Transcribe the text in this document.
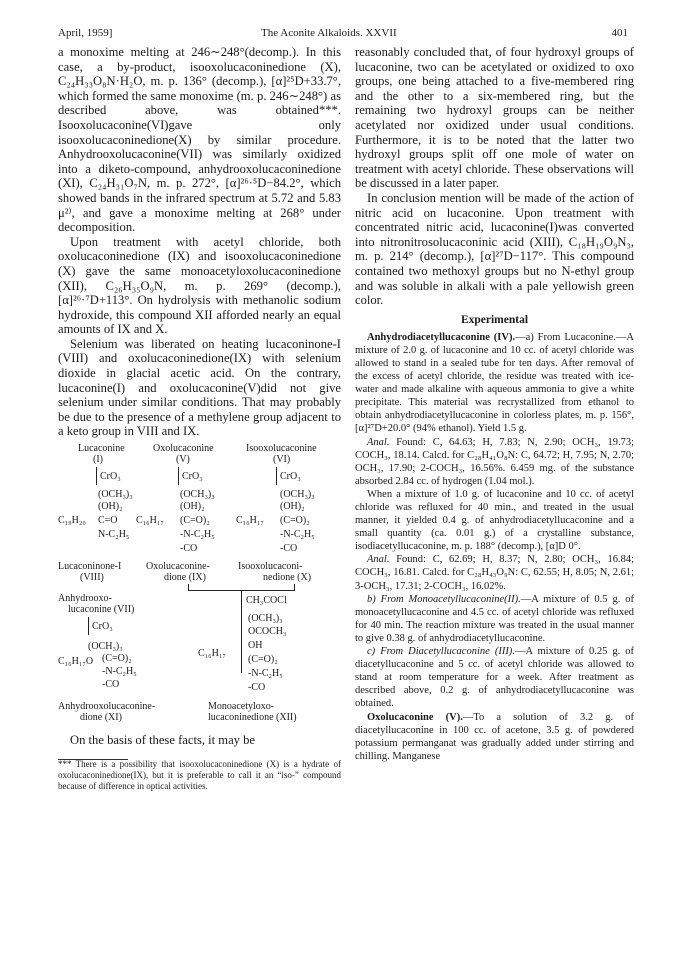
April, 1959]	The Aconite Alkaloids. XXVII	401

a monoxime melting at 246∼248°(decomp.). In this case, a by-product, isooxolucaconinedione (X), C₂₄H₃₃O₈N·H₂O, m. p. 136° (decomp.), [α]²⁵D+33.7°, which formed the same monoxime (m. p. 246∼248°) as described above, was obtained***. Isooxolucaconine(VI)gave only isooxolucaconinedione(X) by similar procedure. Anhydrooxolucaconine(VII) was similarly oxidized into a diketo-compound, anhydrooxolucaconinedione (XI), C₂₄H₃₁O₇N, m. p. 272°, [α]²⁶·⁵D−84.2°, which showed bands in the infrared spectrum at 5.72 and 5.83 μ²⁾, and gave a monoxime melting at 268° under decomposition.

Upon treatment with acetyl chloride, both oxolucaconinedione (IX) and isooxolucaconinedione (X) gave the same monoacetyloxolucaconinedione (XII), C₂₆H₃₅O₉N, m. p. 269° (decomp.), [α]²⁶·⁷D+113°. On hydrolysis with methanolic sodium hydroxide, this compound XII afforded nearly an equal amounts of IX and X.

Selenium was liberated on heating lucaconinone-I (VIII) and oxolucaconinedione(IX) with selenium dioxide in glacial acetic acid. On the contrary, lucaconine(I) and oxolucaconine(V)did not give selenium under similar conditions. That may probably be due to the presence of a methylene group adjacent to a keto group in VIII and IX.

Lucaconine
(I)
Oxolucaconine
(V)
Isooxolucaconine
(VI)
CrO₃	CrO₃	CrO₃
(OCH₃)₃
(OH)₂
C₁₉H₂₀ C=O
N-C₂H₅
(OCH₃)₃
(OH)₂
C₁₆H₁₇ (C=O)₂
-N-C₂H₅
-CO
(OCH₃)₃
(OH)₂
C₁₆H₁₇ (C=O)₂
-N-C₂H₅
-CO
Lucaconinone-I
(VIII)
Oxolucaconine-
dione (IX)
Isooxolucaconi-
nedione (X)
Anhydrooxo-
lucaconine (VII)
CH₃COCl
CrO₃
(OCH₃)₃
C₁₆H₁₇O (C=O)₂
-N-C₂H₅
-CO
(OCH₃)₃
OCOCH₃
C₁₆H₁₇
OH
(C=O)₂
-N-C₂H₅
-CO
Anhydrooxolucaconine-
dione (XI)
Monoacetyloxo-
lucaconinedione (XII)

On the basis of these facts, it may be

*** There is a possibility that isooxolucaconinedione (X) is a hydrate of oxolucaconinedione(IX), but it is preferable to call it an “iso-” compound because of difference in optical activities.

reasonably concluded that, of four hydroxyl groups of lucaconine, two can be acetylated or oxidized to oxo groups, one being attached to a five-membered ring and the other to a six-membered ring, but the remaining two hydroxyl groups can be neither acetylated nor oxidized under usual conditions. Furthermore, it is to be noted that the latter two hydroxyl groups split off one mole of water on treatment with acetyl chloride. These observations will be discussed in a later paper.

In conclusion mention will be made of the action of nitric acid on lucaconine. Upon treatment with concentrated nitric acid, lucaconine(I)was converted into nitronitrosolucaconinic acid (XIII), C₁₈H₁₉O₉N₃, m. p. 214° (decomp.), [α]²⁷D−117°. This compound contained two methoxyl groups but no N-ethyl group and was soluble in alkali with a pale yellowish green color.

Experimental

Anhydrodiacetyllucaconine (IV).—a) From Lucaconine.—A mixture of 2.0 g. of lucaconine and 10 cc. of acetyl chloride was allowed to stand in a sealed tube for ten days. After removal of the excess of acetyl chloride, the residue was treated with ice-water and made alkaline with aqueous ammonia to give a white precipitate. This material was recrystallized from ethanol to obtain anhydrodiacetyllucaconine in colorless plates, m. p. 156°, [α]²⁷D+20.0° (94% ethanol). Yield 1.5 g.

Anal. Found: C, 64.63; H, 7.83; N, 2.90; OCH₃, 19.73; COCH₃, 18.14. Calcd. for C₂₈H₄₁O₈N: C, 64.72; H, 7.95; N, 2.70; OCH₃, 17.90; 2-COCH₃, 16.56%. 6.459 mg. of the substance absorbed 2.84 cc. of hydrogen (1.04 mol.).

When a mixture of 1.0 g. of lucaconine and 10 cc. of acetyl chloride was refluxed for 40 min., and treated in the usual manner, it yielded 0.4 g. of anhydrodiacetyllucaconine and a small quantity (ca. 0.01 g.) of a crystalline substance, isodiacetyllucaconine, m. p. 188° (decomp.), [α]D 0°.

Anal. Found: C, 62.69; H, 8.37; N, 2.80; OCH₃, 16.84; COCH₃, 16.81. Calcd. for C₂₈H₄₃O₉N: C, 62.55; H, 8.05; N, 2.61; 3-OCH₃, 17.31; 2-COCH₃, 16.02%.

b) From Monoacetyllucaconine(II).—A mixture of 0.5 g. of monoacetyllucaconine and 4.5 cc. of acetyl chloride was refluxed for 40 min. The reaction mixture was treated in the usual manner to give 0.38 g. of anhydrodiacetyllucaconine.

c) From Diacetyllucaconine (III).—A mixture of 0.25 g. of diacetyllucaconine and 5 cc. of acetyl chloride was allowed to stand at room temperature for a week. After treatment as described above, 0.2 g. of anhydrodiacetyllucaconine was obtained.

Oxolucaconine (V).—To a solution of 3.2 g. of diacetyllucaconine in 100 cc. of acetone, 3.5 g. of powdered potassium permanganat was gradually added under stirring and chilling. Manganese
